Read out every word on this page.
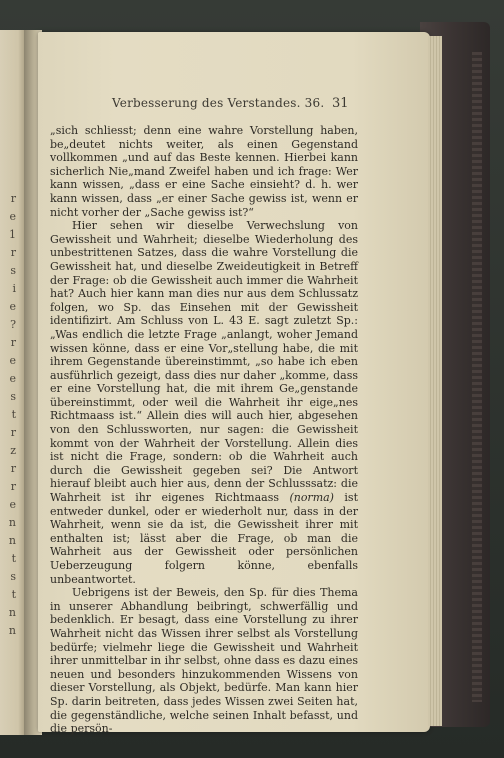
r
e
1
r
s
i
e
?
r
e
e
s
t
r
z
r
r
e
n
n
t
s
t
n
n
Verbesserung des Verstandes. 36. 31

„sich schliesst; denn eine wahre Vorstellung haben, be„deutet nichts weiter, als einen Gegenstand vollkommen „und auf das Beste kennen. Hierbei kann sicherlich Nie„mand Zweifel haben und ich frage: Wer kann wissen, „dass er eine Sache einsieht? d. h. wer kann wissen, dass „er einer Sache gewiss ist, wenn er nicht vorher der „Sache gewiss ist?“

Hier sehen wir dieselbe Verwechslung von Gewissheit und Wahrheit; dieselbe Wiederholung des unbestrittenen Satzes, dass die wahre Vorstellung die Gewissheit hat, und dieselbe Zweideutigkeit in Betreff der Frage: ob die Gewissheit auch immer die Wahrheit hat? Auch hier kann man dies nur aus dem Schlussatz folgen, wo Sp. das Einsehen mit der Gewissheit identifizirt. Am Schluss von L. 43 E. sagt zuletzt Sp.: „Was endlich die letzte Frage „anlangt, woher Jemand wissen könne, dass er eine Vor„stellung habe, die mit ihrem Gegenstande übereinstimmt, „so habe ich eben ausführlich gezeigt, dass dies nur daher „komme, dass er eine Vorstellung hat, die mit ihrem Ge„genstande übereinstimmt, oder weil die Wahrheit ihr eige„nes Richtmaass ist.“ Allein dies will auch hier, abgesehen von den Schlussworten, nur sagen: die Gewissheit kommt von der Wahrheit der Vorstellung. Allein dies ist nicht die Frage, sondern: ob die Wahrheit auch durch die Gewissheit gegeben sei? Die Antwort hierauf bleibt auch hier aus, denn der Schlusssatz: die Wahrheit ist ihr eigenes Richtmaass (norma) ist entweder dunkel, oder er wiederholt nur, dass in der Wahrheit, wenn sie da ist, die Gewissheit ihrer mit enthalten ist; lässt aber die Frage, ob man die Wahrheit aus der Gewissheit oder persönlichen Ueberzeugung folgern könne, ebenfalls unbeantwortet.

Uebrigens ist der Beweis, den Sp. für dies Thema in unserer Abhandlung beibringt, schwerfällig und bedenklich. Er besagt, dass eine Vorstellung zu ihrer Wahrheit nicht das Wissen ihrer selbst als Vorstellung bedürfe; vielmehr liege die Gewissheit und Wahrheit ihrer unmittelbar in ihr selbst, ohne dass es dazu eines neuen und besonders hinzukommenden Wissens von dieser Vorstellung, als Objekt, bedürfe. Man kann hier Sp. darin beitreten, dass jedes Wissen zwei Seiten hat, die gegenständliche, welche seinen Inhalt befasst, und die persön-
